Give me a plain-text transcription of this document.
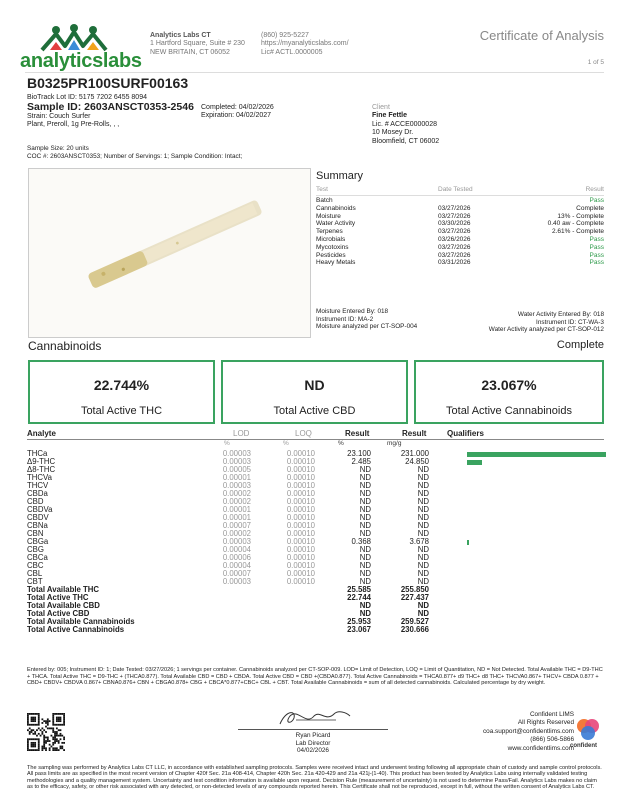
analyticslabs
Analytics Labs CT
1 Hartford Square, Suite # 230
NEW BRITAIN, CT 06052
(860) 925-5227
https://myanalyticslabs.com/
Lic# ACTL.0000005
Certificate of Analysis
1 of 5
B0325PR100SURF00163
BioTrack Lot ID: 5175 7202 6455 8094
Sample ID: 2603ANSCT0353-2546
Strain: Couch Surfer
Plant, Preroll, 1g Pre-Rolls, , ,
Completed: 04/02/2026
Expiration: 04/02/2027
Client
Fine Fettle
Lic. # ACCE0000028
10 Mosey Dr.
Bloomfield, CT 06002
Sample Size: 20 units
COC #: 2603ANSCT0353; Number of Servings: 1; Sample Condition: Intact;
Summary
Test	Date Tested	Result
Batch	Pass
Cannabinoids	03/27/2026	Complete
Moisture	03/27/2026	13% - Complete
Water Activity	03/30/2026	0.40 aw - Complete
Terpenes	03/27/2026	2.61% - Complete
Microbials	03/26/2026	Pass
Mycotoxins	03/27/2026	Pass
Pesticides	03/27/2026	Pass
Heavy Metals	03/31/2026	Pass
Moisture Entered By: 018
Instrument ID: MA-2
Moisture analyzed per CT-SOP-004
Water Activity Entered By: 018
Instrument ID: CT-WA-3
Water Activity analyzed per CT-SOP-012
Cannabinoids	Complete
22.744%
Total Active THC
ND
Total Active CBD
23.067%
Total Active Cannabinoids
Analyte	LOD	LOQ	Result	Result	Qualifiers
%	%	%	mg/g
THCa	0.00003	0.00010	23.100	231.000
Δ9-THC	0.00003	0.00010	2.485	24.850
Δ8-THC	0.00005	0.00010	ND	ND
THCVa	0.00001	0.00010	ND	ND
THCV	0.00003	0.00010	ND	ND
CBDa	0.00002	0.00010	ND	ND
CBD	0.00002	0.00010	ND	ND
CBDVa	0.00001	0.00010	ND	ND
CBDV	0.00001	0.00010	ND	ND
CBNa	0.00007	0.00010	ND	ND
CBN	0.00002	0.00010	ND	ND
CBGa	0.00003	0.00010	0.368	3.678
CBG	0.00004	0.00010	ND	ND
CBCa	0.00006	0.00010	ND	ND
CBC	0.00004	0.00010	ND	ND
CBL	0.00007	0.00010	ND	ND
CBT	0.00003	0.00010	ND	ND
Total Available THC	25.585	255.850
Total Active THC	22.744	227.437
Total Available CBD	ND	ND
Total Active CBD	ND	ND
Total Available Cannabinoids	25.953	259.527
Total Active Cannabinoids	23.067	230.666
Entered by: 005; Instrument ID: 1; Date Tested: 03/27/2026; 1 servings per container. Cannabinoids analyzed per CT-SOP-009. LOD= Limit of Detection, LOQ = Limit of Quantitation, ND = Not Detected. Total Available THC = D9-THC + THCA. Total Active THC = D9-THC + (THCA0.877). Total Available CBD = CBD + CBDA. Total Active CBD = CBD +(CBDA0.877). Total Active Cannabinoids = THCA0.877+ d9 THC+ d8 THC+ THCVA0.867+ THCV+ CBDA 0.877 + CBD+ CBDV+ CBDVA 0.867+ CBNA0.876+ CBN + CBGA0.878+ CBG + CBCA*0.877+CBC+ CBL + CBT. Total Available Cannabinoids = sum of all detected cannabinoids. Calculated percentage by dry weight.
Ryan Picard
Lab Director
04/02/2026
Confident LIMS
All Rights Reserved
coa.support@confidentlims.com
(866) 506-5866
www.confidentlims.com
confident
The sampling was performed by Analytics Labs CT LLC, in accordance with established sampling protocols. Samples were received intact and underwent testing following all appropriate chain of custody and sample control protocols. All pass limits are as specified in the most recent version of Chapter 420f Sec. 21a 408-414, Chapter 420h Sec. 21a 420-429 and 21a 421j-(1-40). This product has been tested by Analytics Labs using internally validated testing methodologies and a quality management system. Uncertainty and test condition information is available upon request. Decision Rule (measurement of uncertainty) is not used to determine Pass/Fail. Analytics Labs makes no claim as to the efficacy, safety, or other risk associated with any detected, or non-detected levels of any compounds reported herein. This Certificate shall not be reproduced, except in full, without the written consent of Analytics Labs CT.
